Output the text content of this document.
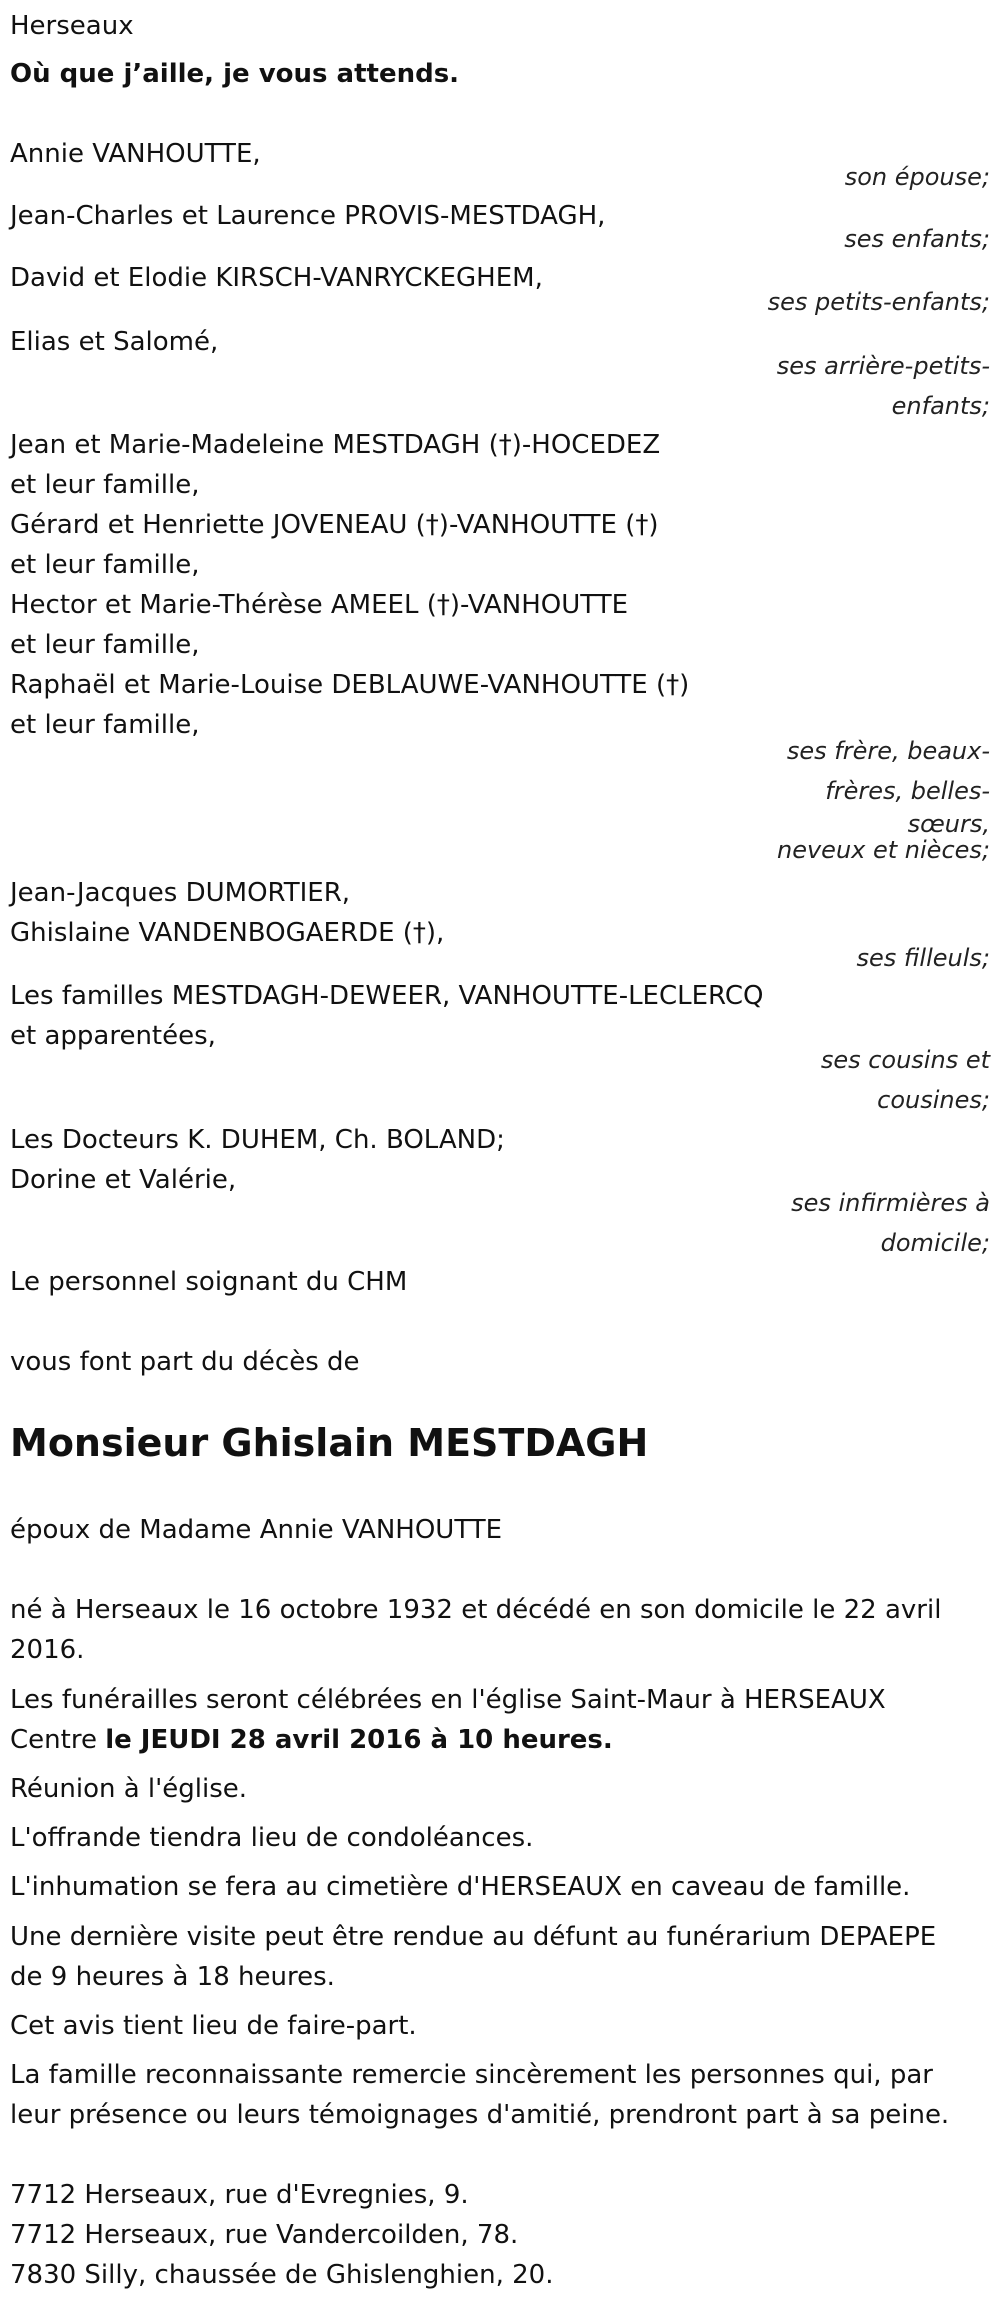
Herseaux
Où que j’aille, je vous attends.
Annie VANHOUTTE,
son épouse;
Jean-Charles et Laurence PROVIS-MESTDAGH,
ses enfants;
David et Elodie KIRSCH-VANRYCKEGHEM,
ses petits-enfants;
Elias et Salomé,
ses arrière-petits-
enfants;
Jean et Marie-Madeleine MESTDAGH (†)-HOCEDEZ
et leur famille,
Gérard et Henriette JOVENEAU (†)-VANHOUTTE (†)
et leur famille,
Hector et Marie-Thérèse AMEEL (†)-VANHOUTTE
et leur famille,
Raphaël et Marie-Louise DEBLAUWE-VANHOUTTE (†)
et leur famille,
ses frère, beaux-
frères, belles-
sœurs,
neveux et nièces;
Jean-Jacques DUMORTIER,
Ghislaine VANDENBOGAERDE (†),
ses filleuls;
Les familles MESTDAGH-DEWEER, VANHOUTTE-LECLERCQ
et apparentées,
ses cousins et
cousines;
Les Docteurs K. DUHEM, Ch. BOLAND;
Dorine et Valérie,
ses infirmières à
domicile;
Le personnel soignant du CHM
vous font part du décès de
Monsieur Ghislain MESTDAGH
époux de Madame Annie VANHOUTTE
né à Herseaux le 16 octobre 1932 et décédé en son domicile le 22 avril
2016.
Les funérailles seront célébrées en l'église Saint-Maur à HERSEAUX
Centre le JEUDI 28 avril 2016 à 10 heures.
Réunion à l'église.
L'offrande tiendra lieu de condoléances.
L'inhumation se fera au cimetière d'HERSEAUX en caveau de famille.
Une dernière visite peut être rendue au défunt au funérarium DEPAEPE
de 9 heures à 18 heures.
Cet avis tient lieu de faire-part.
La famille reconnaissante remercie sincèrement les personnes qui, par
leur présence ou leurs témoignages d'amitié, prendront part à sa peine.
7712 Herseaux, rue d'Evregnies, 9.
7712 Herseaux, rue Vandercoilden, 78.
7830 Silly, chaussée de Ghislenghien, 20.
